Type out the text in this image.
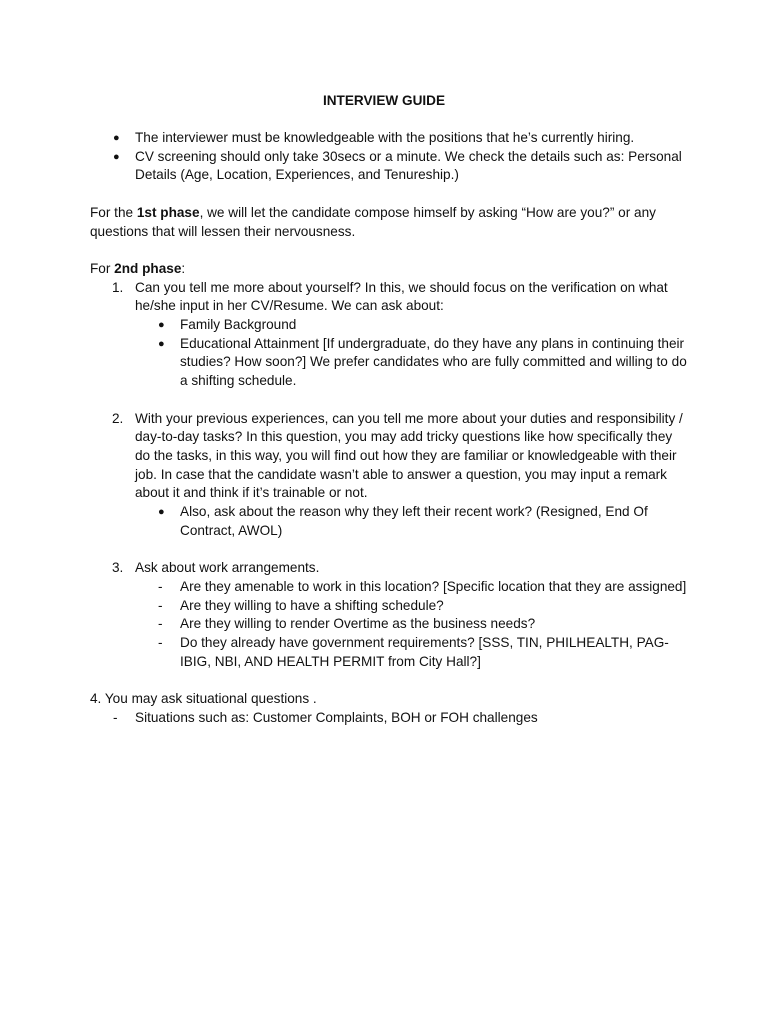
INTERVIEW GUIDE
● The interviewer must be knowledgeable with the positions that he’s currently hiring.
● CV screening should only take 30secs or a minute. We check the details such as: Personal Details (Age, Location, Experiences, and Tenureship.)
For the 1st phase, we will let the candidate compose himself by asking “How are you?” or any questions that will lessen their nervousness.
For 2nd phase:
1. Can you tell me more about yourself? In this, we should focus on the verification on what he/she input in her CV/Resume. We can ask about:
● Family Background
● Educational Attainment [If undergraduate, do they have any plans in continuing their studies? How soon?] We prefer candidates who are fully committed and willing to do a shifting schedule.
2. With your previous experiences, can you tell me more about your duties and responsibility / day-to-day tasks? In this question, you may add tricky questions like how specifically they do the tasks, in this way, you will find out how they are familiar or knowledgeable with their job. In case that the candidate wasn’t able to answer a question, you may input a remark about it and think if it’s trainable or not.
● Also, ask about the reason why they left their recent work? (Resigned, End Of Contract, AWOL)
3. Ask about work arrangements.
- Are they amenable to work in this location? [Specific location that they are assigned]
- Are they willing to have a shifting schedule?
- Are they willing to render Overtime as the business needs?
- Do they already have government requirements? [SSS, TIN, PHILHEALTH, PAG-IBIG, NBI, AND HEALTH PERMIT from City Hall?]
4. You may ask situational questions .
- Situations such as: Customer Complaints, BOH or FOH challenges
